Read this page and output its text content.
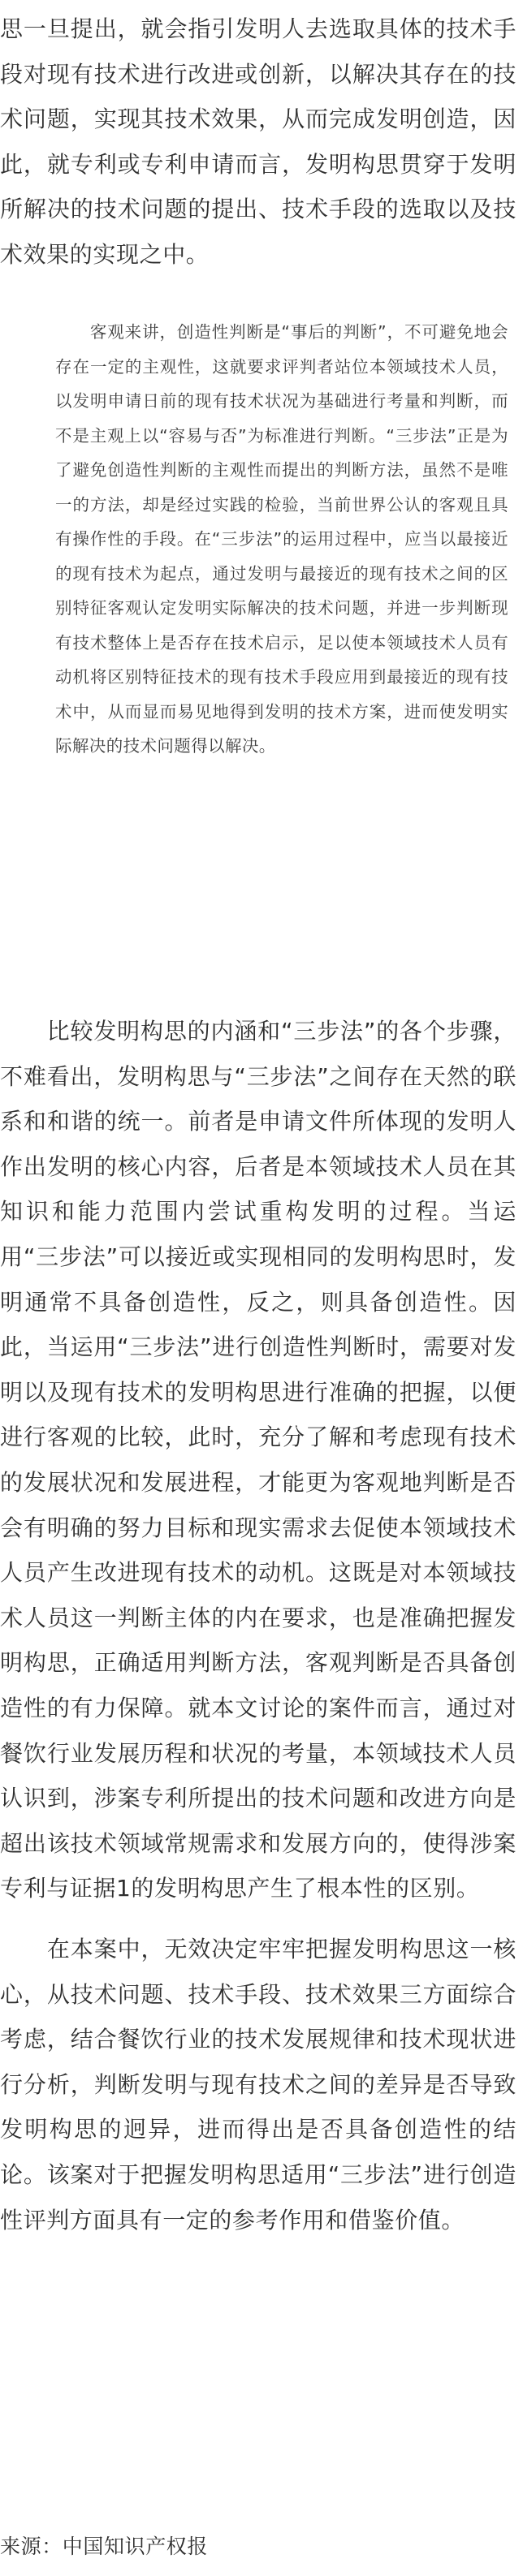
思一旦提出，就会指引发明人去选取具体的技术手段对现有技术进行改进或创新，以解决其存在的技术问题，实现其技术效果，从而完成发明创造，因此，就专利或专利申请而言，发明构思贯穿于发明所解决的技术问题的提出、技术手段的选取以及技术效果的实现之中。

　　客观来讲，创造性判断是“事后的判断”，不可避免地会存在一定的主观性，这就要求评判者站位本领域技术人员，以发明申请日前的现有技术状况为基础进行考量和判断，而不是主观上以“容易与否”为标准进行判断。“三步法”正是为了避免创造性判断的主观性而提出的判断方法，虽然不是唯一的方法，却是经过实践的检验，当前世界公认的客观且具有操作性的手段。在“三步法”的运用过程中，应当以最接近的现有技术为起点，通过发明与最接近的现有技术之间的区别特征客观认定发明实际解决的技术问题，并进一步判断现有技术整体上是否存在技术启示，足以使本领域技术人员有动机将区别特征技术的现有技术手段应用到最接近的现有技术中，从而显而易见地得到发明的技术方案，进而使发明实际解决的技术问题得以解决。

　　比较发明构思的内涵和“三步法”的各个步骤，不难看出，发明构思与“三步法”之间存在天然的联系和和谐的统一。前者是申请文件所体现的发明人作出发明的核心内容，后者是本领域技术人员在其知识和能力范围内尝试重构发明的过程。当运用“三步法”可以接近或实现相同的发明构思时，发明通常不具备创造性，反之，则具备创造性。因此，当运用“三步法”进行创造性判断时，需要对发明以及现有技术的发明构思进行准确的把握，以便进行客观的比较，此时，充分了解和考虑现有技术的发展状况和发展进程，才能更为客观地判断是否会有明确的努力目标和现实需求去促使本领域技术人员产生改进现有技术的动机。这既是对本领域技术人员这一判断主体的内在要求，也是准确把握发明构思，正确适用判断方法，客观判断是否具备创造性的有力保障。就本文讨论的案件而言，通过对餐饮行业发展历程和状况的考量，本领域技术人员认识到，涉案专利所提出的技术问题和改进方向是超出该技术领域常规需求和发展方向的，使得涉案专利与证据1的发明构思产生了根本性的区别。

　　在本案中，无效决定牢牢把握发明构思这一核心，从技术问题、技术手段、技术效果三方面综合考虑，结合餐饮行业的技术发展规律和技术现状进行分析，判断发明与现有技术之间的差异是否导致发明构思的迥异，进而得出是否具备创造性的结论。该案对于把握发明构思适用“三步法”进行创造性评判方面具有一定的参考作用和借鉴价值。

来源：中国知识产权报
